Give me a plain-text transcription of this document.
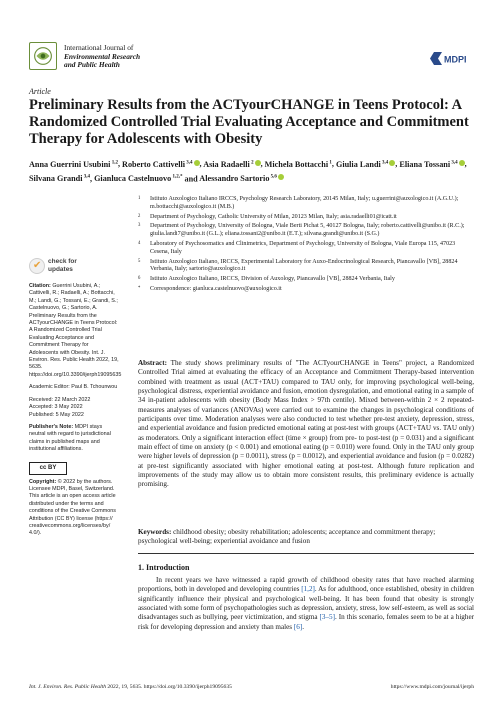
International Journal of
Environmental Research
and Public Health
MDPI
Article
Preliminary Results from the ACTyourCHANGE in Teens Protocol: A Randomized Controlled Trial Evaluating Acceptance and Commitment Therapy for Adolescents with Obesity
Anna Guerrini Usubini $^{1,2}$, Roberto Cattivelli $^{3,4}$ , Asia Radaelli $^2$ , Michela Bottacchi $^1$, Giulia Landi $^{3,4}$ , Eliana Tossani $^{3,4}$ , Silvana Grandi $^{3,4}$, Gianluca Castelnuovo $^{1,2,*}$ and Alessandro Sartorio $^{5,6}$
1 Istituto Auxologico Italiano IRCCS, Psychology Research Laboratory, 20145 Milan, Italy; u.guerrini@auxologico.it (A.G.U.); m.bottacchi@auxologico.it (M.B.)
2 Department of Psychology, Catholic University of Milan, 20123 Milan, Italy; asia.radaelli01@icatt.it
3 Department of Psychology, University of Bologna, Viale Berti Pichat 5, 40127 Bologna, Italy; roberto.cattivelli@unibo.it (R.C.); giulia.landi7@unibo.it (G.L.); eliana.tossani2@unibo.it (E.T.); silvana.grandi@unibo.it (S.G.)
4 Laboratory of Psychosomatics and Clinimetrics, Department of Psychology, University of Bologna, Viale Europa 115, 47023 Cesena, Italy
5 Istituto Auxologico Italiano, IRCCS, Experimental Laboratory for Auxo-Endocrinological Research, Piancavallo [VB], 28824 Verbania, Italy; sartorio@auxologico.it
6 Istituto Auxologico Italiano, IRCCS, Division of Auxology, Piancavallo [VB], 28824 Verbania, Italy
* Correspondence: gianluca.castelnuovo@auxologico.it
✔ check for
updates
Citation: Guerrini Usubini, A.; Cattivelli, R.; Radaelli, A.; Bottacchi, M.; Landi, G.; Tossani, E.; Grandi, S.; Castelnuovo, G.; Sartorio, A. Preliminary Results from the ACTyourCHANGE in Teens Protocol: A Randomized Controlled Trial Evaluating Acceptance and Commitment Therapy for Adolescents with Obesity. Int. J. Environ. Res. Public Health 2022, 19, 5635. https://doi.org/10.3390/ijerph19095635
Academic Editor: Paul B. Tchounwou
Received: 22 March 2022
Accepted: 3 May 2022
Published: 5 May 2022
Publisher's Note: MDPI stays neutral with regard to jurisdictional claims in published maps and institutional affiliations.
cc BY
Copyright: © 2022 by the authors. Licensee MDPI, Basel, Switzerland. This article is an open access article distributed under the terms and conditions of the Creative Commons Attribution (CC BY) license (https:// creativecommons.org/licenses/by/ 4.0/).
Abstract: The study shows preliminary results of "The ACTyourCHANGE in Teens" project, a Randomized Controlled Trial aimed at evaluating the efficacy of an Acceptance and Commitment Therapy-based intervention combined with treatment as usual (ACT+TAU) compared to TAU only, for improving psychological well-being, psychological distress, experiential avoidance and fusion, emotion dysregulation, and emotional eating in a sample of 34 in-patient adolescents with obesity (Body Mass Index > 97th centile). Mixed between-within 2 × 2 repeated-measures analyses of variances (ANOVAs) were carried out to examine the changes in psychological conditions of participants over time. Moderation analyses were also conducted to test whether pre-test anxiety, depression, stress, and experiential avoidance and fusion predicted emotional eating at post-test with groups (ACT+TAU vs. TAU only) as moderators. Only a significant interaction effect (time × group) from pre- to post-test (p = 0.031) and a significant main effect of time on anxiety (p < 0.001) and emotional eating (p = 0.010) were found. Only in the TAU only group were higher levels of depression (p = 0.0011), stress (p = 0.0012), and experiential avoidance and fusion (p = 0.0282) at pre-test significantly associated with higher emotional eating at post-test. Although future replication and improvements of the study may allow us to obtain more consistent results, this preliminary evidence is actually promising.
Keywords: childhood obesity; obesity rehabilitation; adolescents; acceptance and commitment therapy; psychological well-being; experiential avoidance and fusion
1. Introduction
In recent years we have witnessed a rapid growth of childhood obesity rates that have reached alarming proportions, both in developed and developing countries [1,2]. As for adulthood, once established, obesity in children significantly influence their physical and psychological well-being. It has been found that obesity is strongly associated with some form of psychopathologies such as depression, anxiety, stress, low self-esteem, as well as social disadvantages such as bullying, peer victimization, and stigma [3–5]. In this scenario, females seem to be at a higher risk for developing depression and anxiety than males [6].
Int. J. Environ. Res. Public Health 2022, 19, 5635. https://doi.org/10.3390/ijerph19095635	https://www.mdpi.com/journal/ijerph
